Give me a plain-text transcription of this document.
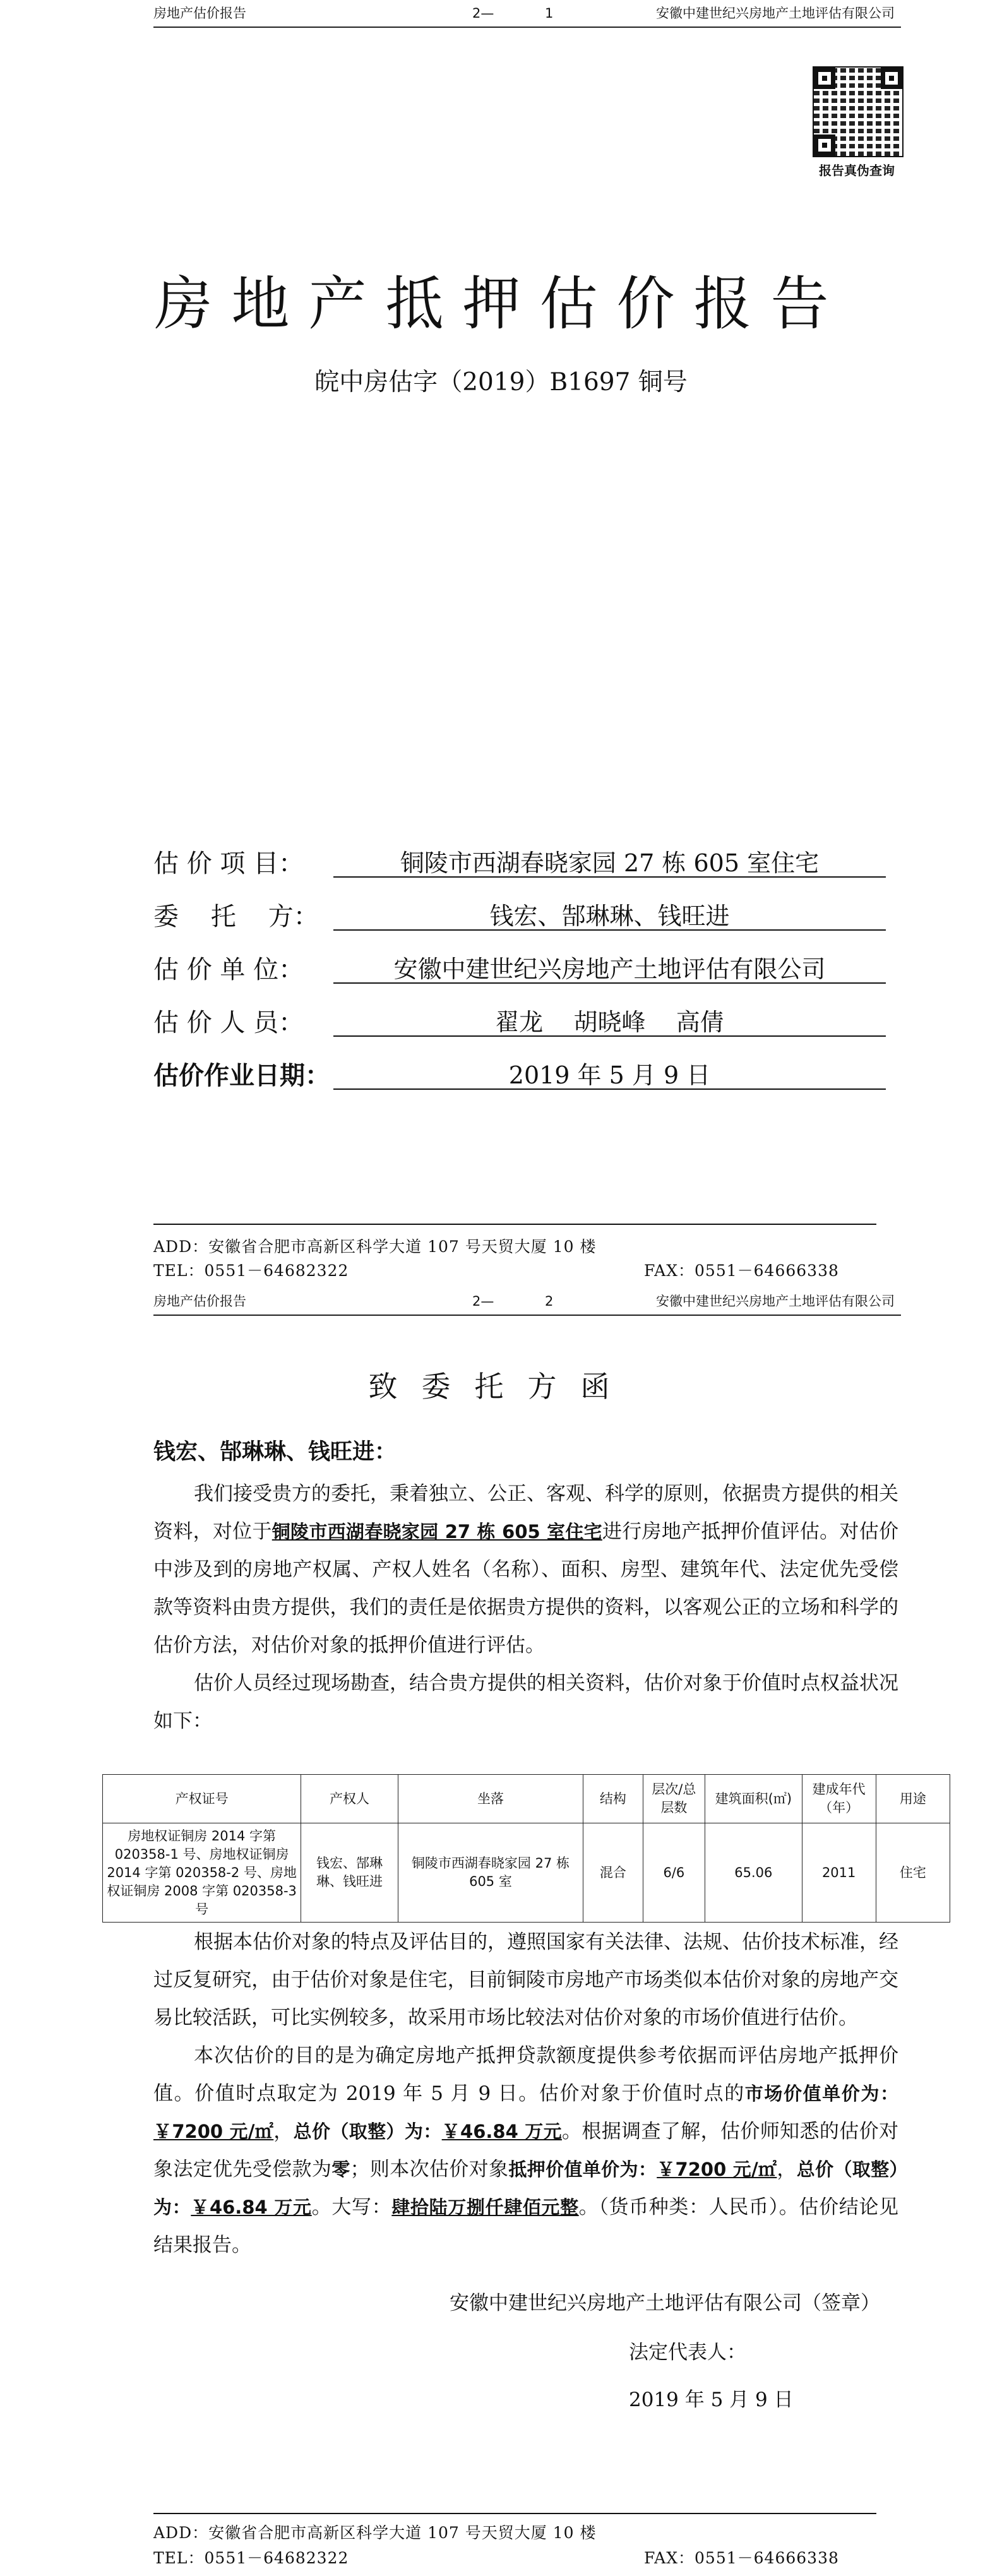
房地产估价报告	2—	1	安徽中建世纪兴房地产土地评估有限公司
报告真伪查询
房地产抵押估价报告
皖中房估字（2019）B1697 铜号
估 价 项 目：	铜陵市西湖春晓家园 27 栋 605 室住宅
委    托    方：	钱宏、郜琳琳、钱旺进
估 价 单 位：	安徽中建世纪兴房地产土地评估有限公司
估 价 人 员：	翟龙    胡晓峰    高倩
估价作业日期：	2019 年 5 月 9 日
ADD：安徽省合肥市高新区科学大道 107 号天贸大厦 10 楼
TEL：0551－64682322	FAX：0551－64666338
房地产估价报告	2—	2	安徽中建世纪兴房地产土地评估有限公司
致委托方函
钱宏、郜琳琳、钱旺进：
我们接受贵方的委托，秉着独立、公正、客观、科学的原则，依据贵方提供的相关资料，对位于铜陵市西湖春晓家园 27 栋 605 室住宅进行房地产抵押价值评估。对估价中涉及到的房地产权属、产权人姓名（名称）、面积、房型、建筑年代、法定优先受偿款等资料由贵方提供，我们的责任是依据贵方提供的资料，以客观公正的立场和科学的估价方法，对估价对象的抵押价值进行评估。
估价人员经过现场勘查，结合贵方提供的相关资料，估价对象于价值时点权益状况如下：
产权证号	产权人	坐落	结构	层次/总层数	建筑面积(㎡)	建成年代（年）	用途
房地权证铜房 2014 字第 020358-1 号、房地权证铜房 2014 字第 020358-2 号、房地权证铜房 2008 字第 020358-3 号	钱宏、郜琳琳、钱旺进	铜陵市西湖春晓家园 27 栋 605 室	混合	6/6	65.06	2011	住宅
根据本估价对象的特点及评估目的，遵照国家有关法律、法规、估价技术标准，经过反复研究，由于估价对象是住宅，目前铜陵市房地产市场类似本估价对象的房地产交易比较活跃，可比实例较多，故采用市场比较法对估价对象的市场价值进行估价。
本次估价的目的是为确定房地产抵押贷款额度提供参考依据而评估房地产抵押价值。价值时点取定为 2019 年 5 月 9 日。估价对象于价值时点的市场价值单价为：￥7200 元/㎡，总价（取整）为：￥46.84 万元。根据调查了解，估价师知悉的估价对象法定优先受偿款为零；则本次估价对象抵押价值单价为：￥7200 元/㎡，总价（取整）为：￥46.84 万元。大写：肆拾陆万捌仟肆佰元整。（货币种类：人民币）。估价结论见结果报告。
安徽中建世纪兴房地产土地评估有限公司（签章）
法定代表人：
2019 年 5 月 9 日
ADD：安徽省合肥市高新区科学大道 107 号天贸大厦 10 楼
TEL：0551－64682322	FAX：0551－64666338
